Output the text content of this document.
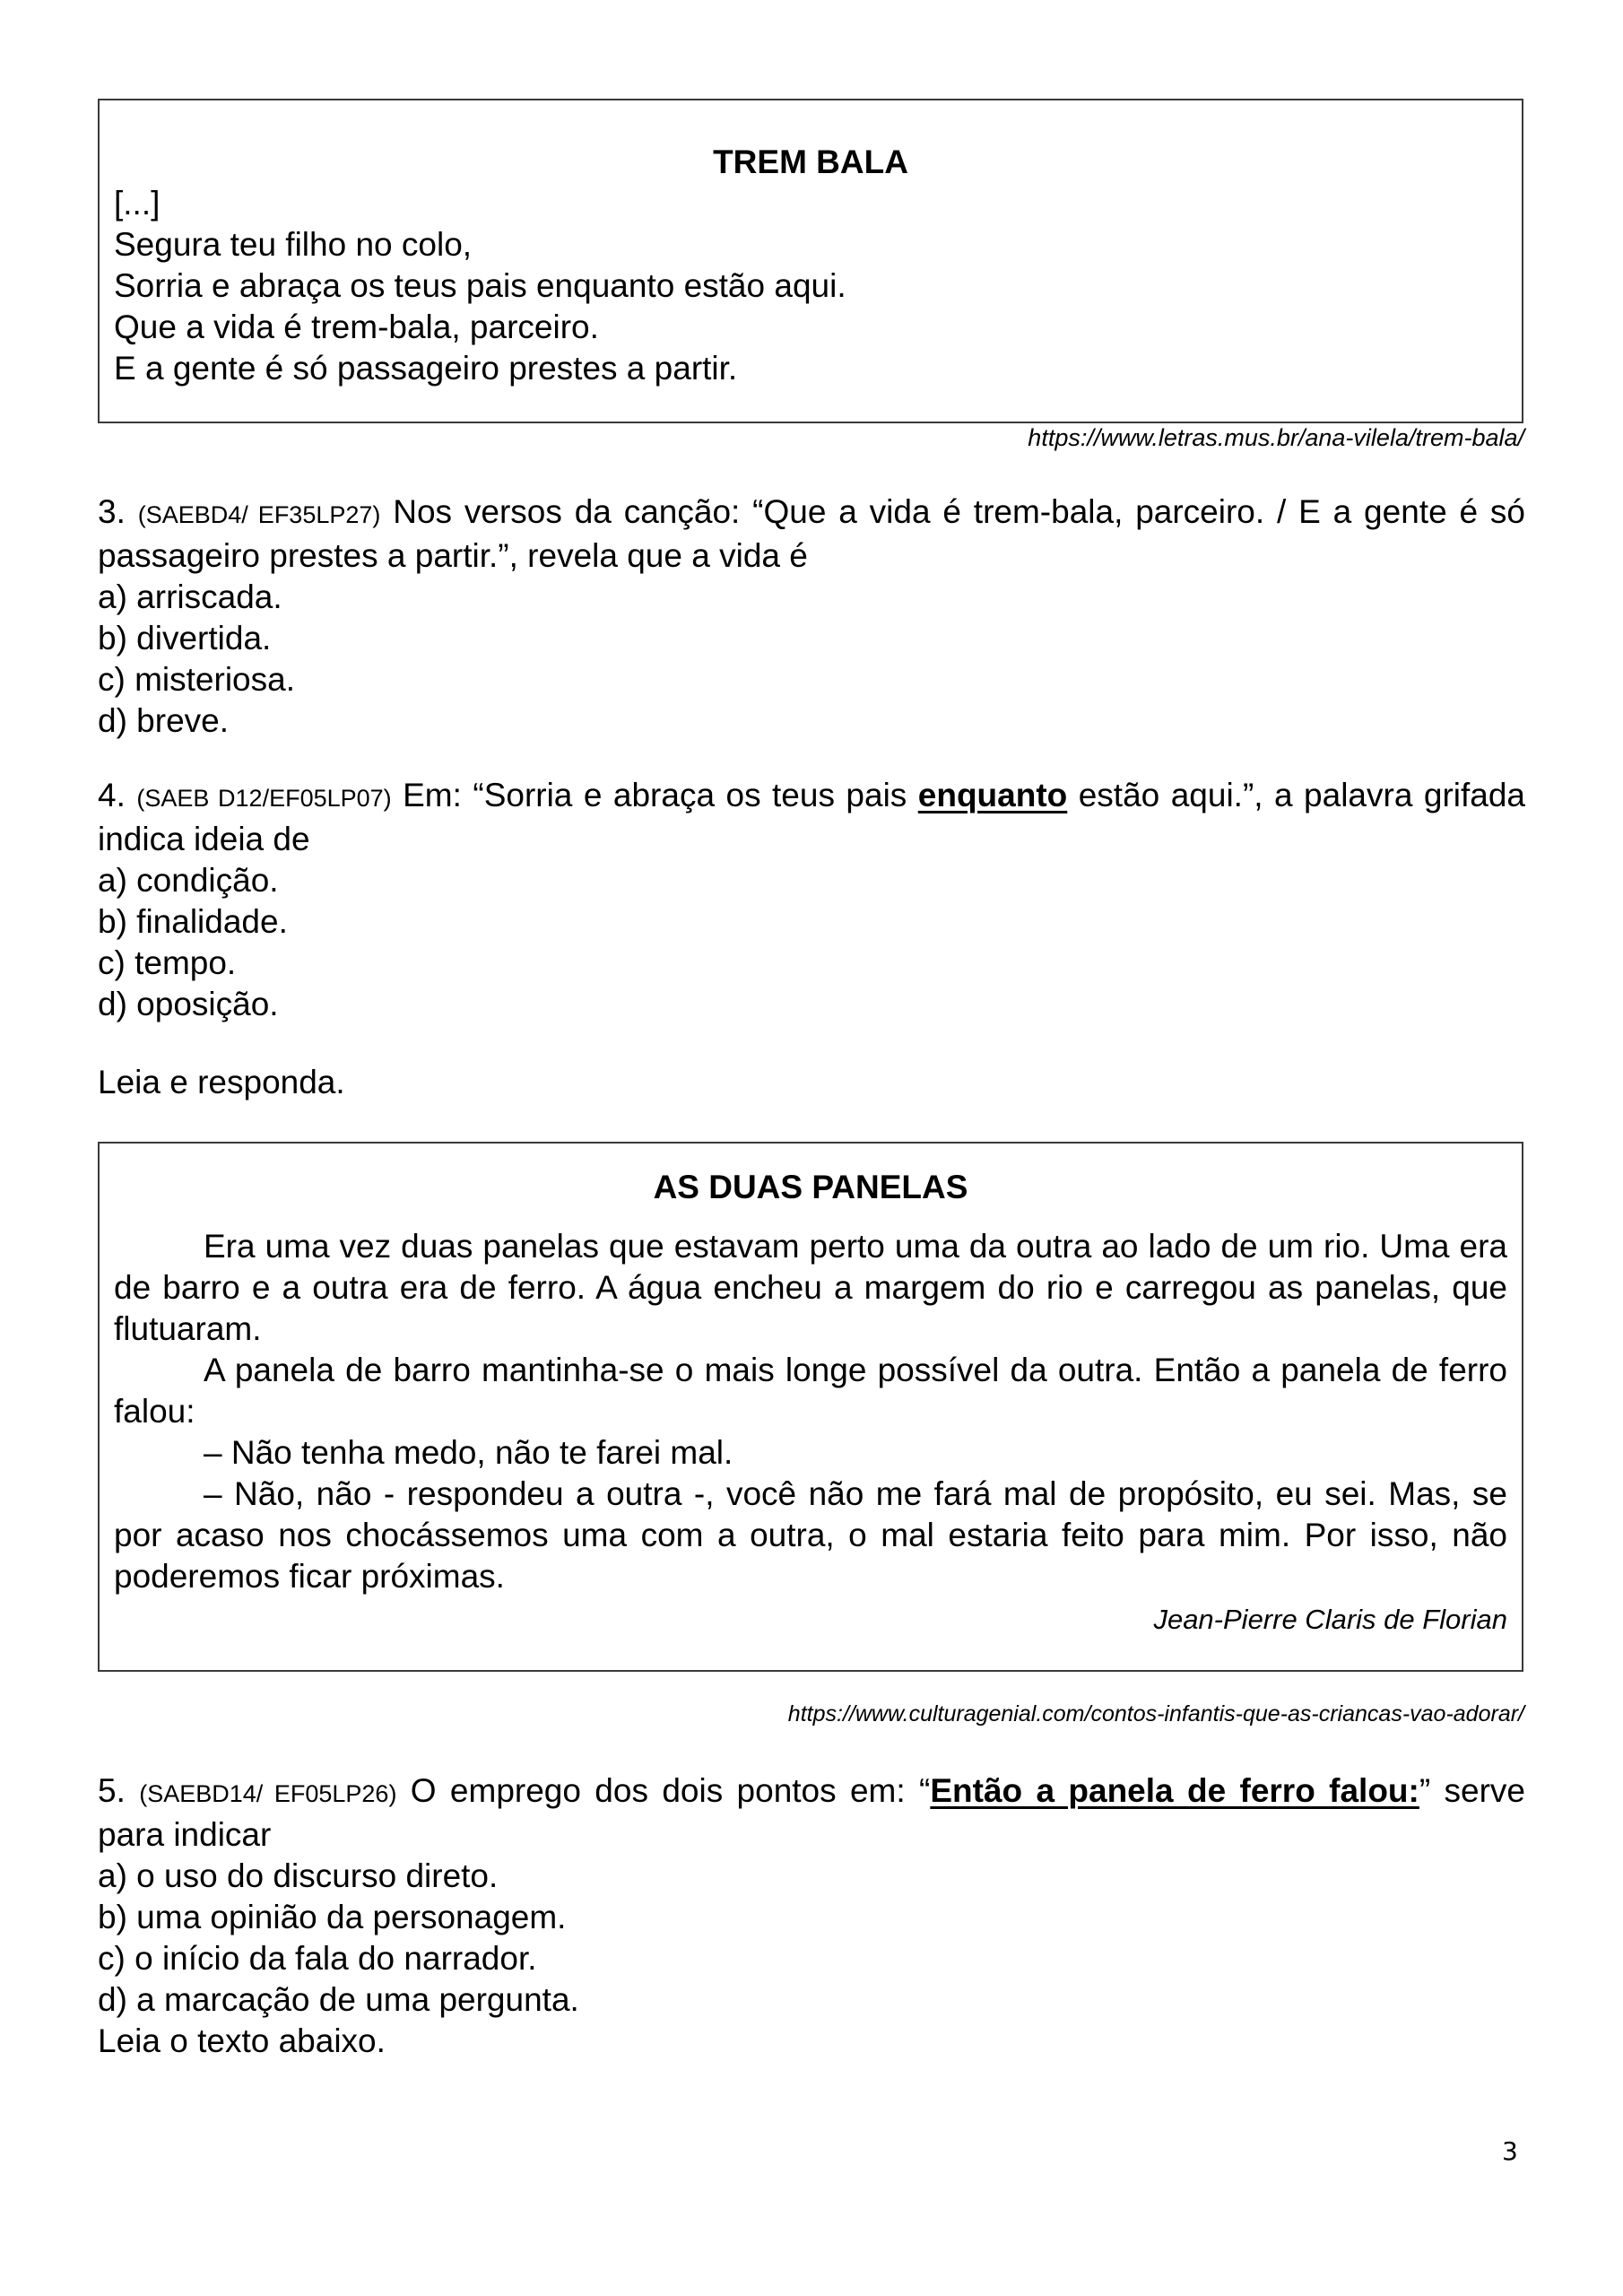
TREM BALA

[...]

Segura teu filho no colo,

Sorria e abraça os teus pais enquanto estão aqui.

Que a vida é trem-bala, parceiro.

E a gente é só passageiro prestes a partir.

https://www.letras.mus.br/ana-vilela/trem-bala/

3. (SAEBD4/ EF35LP27) Nos versos da canção: “Que a vida é trem-bala, parceiro. / E a gente é só passageiro prestes a partir.”, revela que a vida é

a) arriscada.

b) divertida.

c) misteriosa.

d) breve.

4. (SAEB D12/EF05LP07) Em: “Sorria e abraça os teus pais enquanto estão aqui.”, a palavra grifada indica ideia de

a) condição.

b) finalidade.

c) tempo.

d) oposição.

Leia e responda.

AS DUAS PANELAS

Era uma vez duas panelas que estavam perto uma da outra ao lado de um rio. Uma era de barro e a outra era de ferro. A água encheu a margem do rio e carregou as panelas, que flutuaram.

A panela de barro mantinha-se o mais longe possível da outra. Então a panela de ferro falou:

– Não tenha medo, não te farei mal.

– Não, não - respondeu a outra -, você não me fará mal de propósito, eu sei. Mas, se por acaso nos chocássemos uma com a outra, o mal estaria feito para mim. Por isso, não poderemos ficar próximas.

Jean-Pierre Claris de Florian

https://www.culturagenial.com/contos-infantis-que-as-criancas-vao-adorar/

5. (SAEBD14/ EF05LP26) O emprego dos dois pontos em: “Então a panela de ferro falou:” serve para indicar

a) o uso do discurso direto.

b) uma opinião da personagem.

c) o início da fala do narrador.

d) a marcação de uma pergunta.

Leia o texto abaixo.

3
